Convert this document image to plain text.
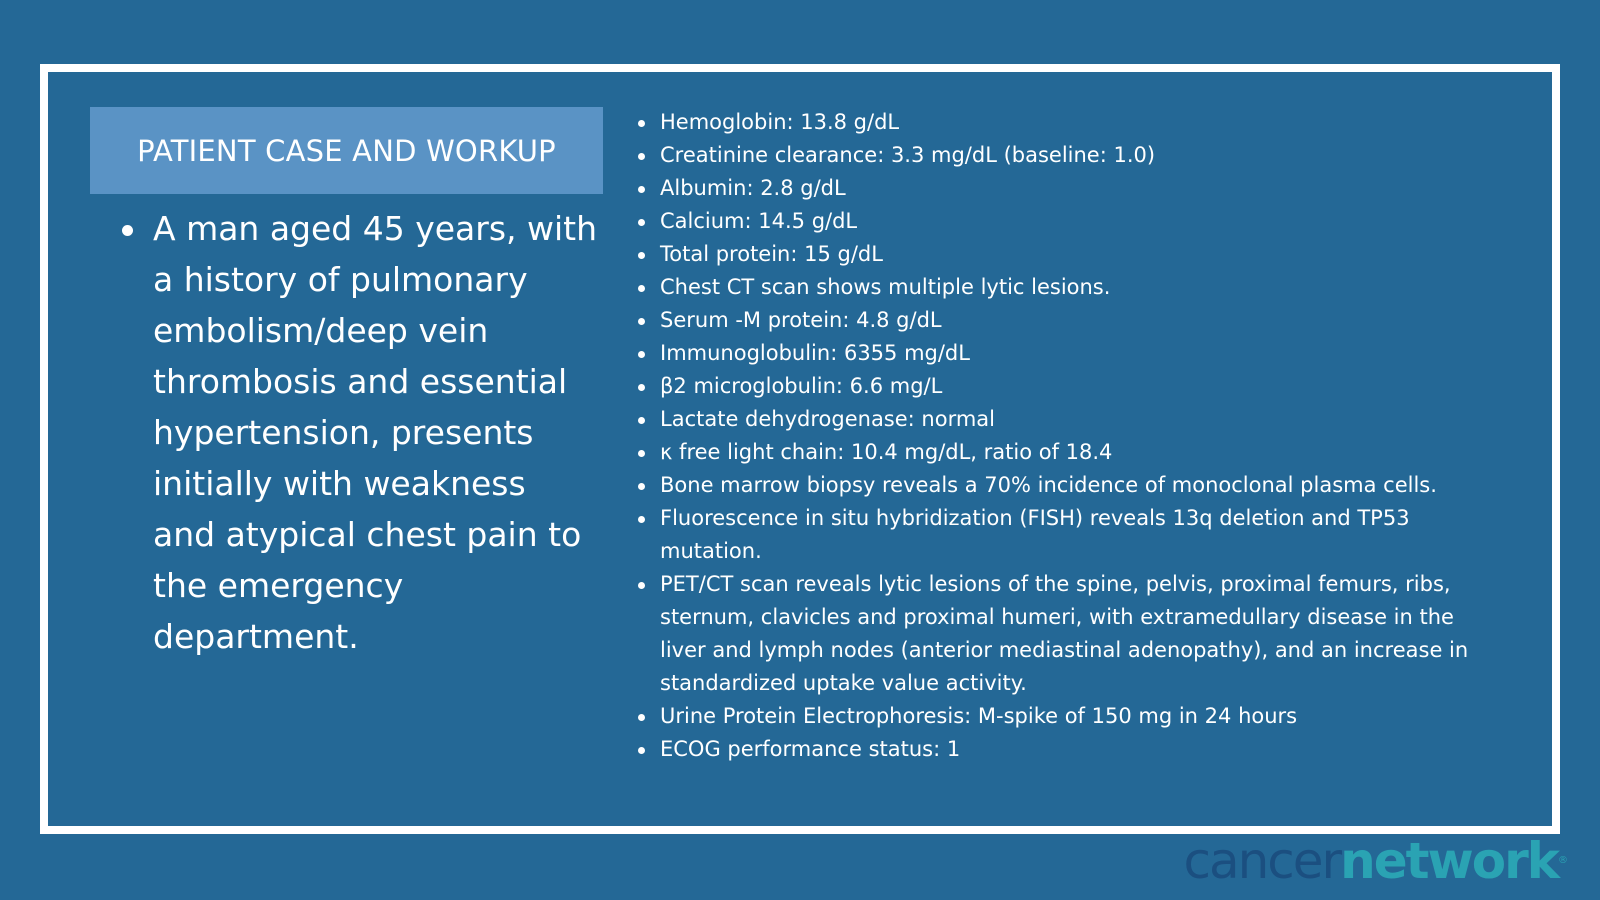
PATIENT CASE AND WORKUP
A man aged 45 years, with a history of pulmonary embolism/deep vein thrombosis and essential hypertension, presents initially with weakness and atypical chest pain to the emergency department.
Hemoglobin: 13.8 g/dL
Creatinine clearance: 3.3 mg/dL (baseline: 1.0)
Albumin: 2.8 g/dL
Calcium: 14.5 g/dL
Total protein: 15 g/dL
Chest CT scan shows multiple lytic lesions.
Serum -M protein: 4.8 g/dL
Immunoglobulin: 6355 mg/dL
β2 microglobulin: 6.6 mg/L
Lactate dehydrogenase: normal
κ free light chain: 10.4 mg/dL, ratio of 18.4
Bone marrow biopsy reveals a 70% incidence of monoclonal plasma cells.
Fluorescence in situ hybridization (FISH) reveals 13q deletion and TP53 mutation.
PET/CT scan reveals lytic lesions of the spine, pelvis, proximal femurs, ribs, sternum, clavicles and proximal humeri, with extramedullary disease in the liver and lymph nodes (anterior mediastinal adenopathy), and an increase in standardized uptake value activity.
Urine Protein Electrophoresis: M-spike of 150 mg in 24 hours
ECOG performance status: 1
cancernetwork®
